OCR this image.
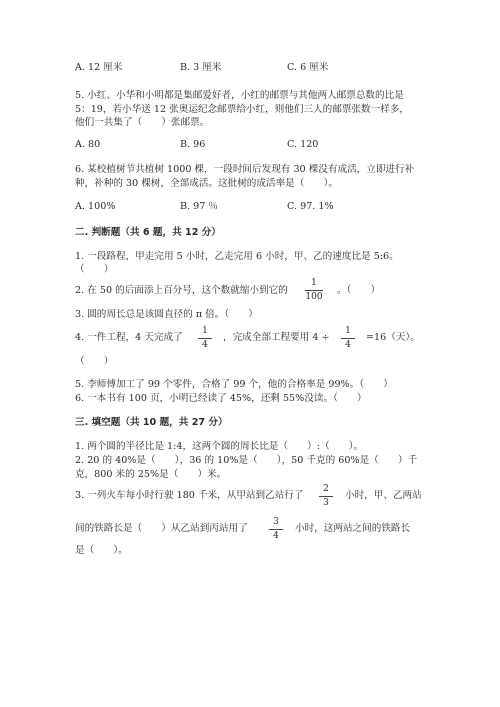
A. 12 厘米	B. 3 厘米	C. 6 厘米
5. 小红、小华和小明都是集邮爱好者，小红的邮票与其他两人邮票总数的比是
5：19，若小华送 12 张奥运纪念邮票给小红，则他们三人的邮票张数一样多，
他们一共集了（　　）张邮票。
A. 80	B. 96	C. 120
6. 某校植树节共植树 1000 棵，一段时间后发现有 30 棵没有成活，立即进行补
种，补种的 30 棵树，全部成活。这批树的成活率是（　　）。
A. 100%	B. 97 ％	C. 97. 1%
二. 判断题（共 6 题，共 12 分）
1. 一段路程，甲走完用 5 小时，乙走完用 6 小时，甲、乙的速度比是 5:6。
（　　）
2. 在 50 的后面添上百分号，这个数就缩小到它的
1
100
。（　　）
3. 圆的周长总是该圆直径的 π 倍。（　　）
4. 一件工程，4 天完成了
1
4
，完成全部工程要用 4 ÷
1
4
=16（天）。
（　　）
5. 李师傅加工了 99 个零件，合格了 99 个，他的合格率是 99%。（　　）
6. 一本书有 100 页，小明已经读了 45%，还剩 55%没读。（　　）
三. 填空题（共 10 题，共 27 分）
1. 两个圆的半径比是 1:4，这两个圆的周长比是（　　）:（　　）。
2. 20 的 40%是（　　），36 的 10%是（　　），50 千克的 60%是（　　）千
克，800 米的 25%是（　　）米。
3. 一列火车每小时行驶 180 千米，从甲站到乙站行了
2
3
小时，甲、乙两站
间的铁路长是（　　）从乙站到丙站用了
3
4
小时，这两站之间的铁路长
是（　　）。
